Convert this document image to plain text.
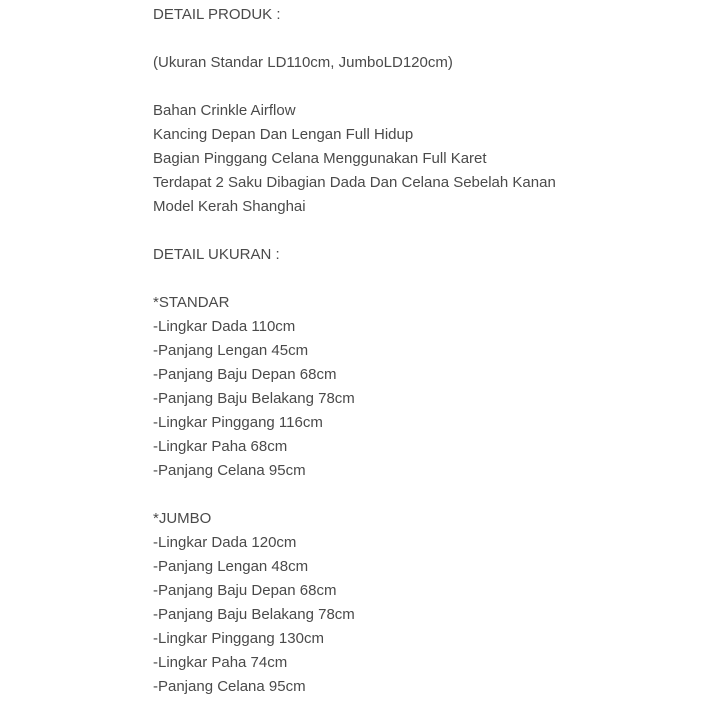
DETAIL PRODUK :
(Ukuran Standar LD110cm, JumboLD120cm)
Bahan Crinkle Airflow
Kancing Depan Dan Lengan Full Hidup
Bagian Pinggang Celana Menggunakan Full Karet
Terdapat 2 Saku Dibagian Dada Dan Celana Sebelah Kanan
Model Kerah Shanghai
DETAIL UKURAN :
*STANDAR
-Lingkar Dada 110cm
-Panjang Lengan 45cm
-Panjang Baju Depan 68cm
-Panjang Baju Belakang 78cm
-Lingkar Pinggang 116cm
-Lingkar Paha 68cm
-Panjang Celana 95cm
*JUMBO
-Lingkar Dada 120cm
-Panjang Lengan 48cm
-Panjang Baju Depan 68cm
-Panjang Baju Belakang 78cm
-Lingkar Pinggang 130cm
-Lingkar Paha 74cm
-Panjang Celana 95cm
